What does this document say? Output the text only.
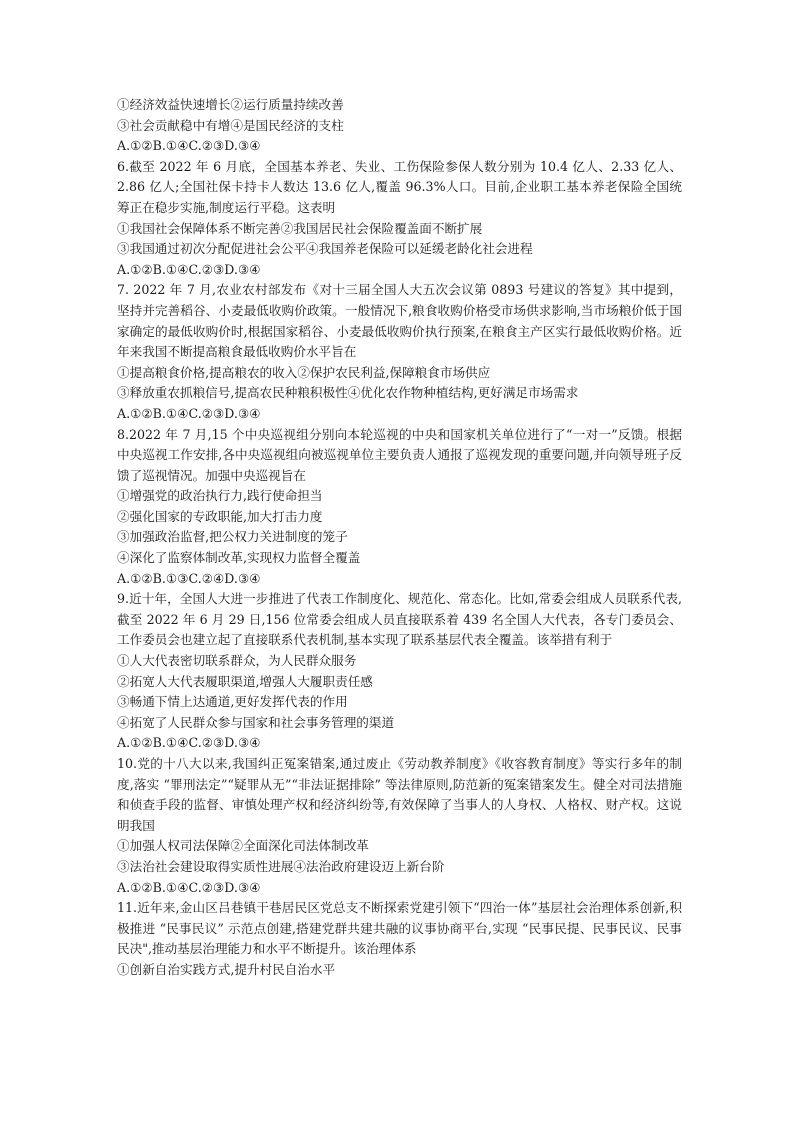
①经济效益快速增长②运行质量持续改善
③社会贡献稳中有增④是国民经济的支柱
A.①②B.①④C.②③D.③④
6.截至 2022 年 6 月底，全国基本养老、失业、工伤保险参保人数分别为 10.4 亿人、2.33 亿人、2.86 亿人;全国社保卡持卡人数达 13.6 亿人,覆盖 96.3%人口。目前,企业职工基本养老保险全国统筹正在稳步实施,制度运行平稳。这表明
①我国社会保障体系不断完善②我国居民社会保险覆盖面不断扩展
③我国通过初次分配促进社会公平④我国养老保险可以延缓老龄化社会进程
A.①②B.①④C.②③D.③④
7. 2022 年 7 月,农业农村部发布《对十三届全国人大五次会议第 0893 号建议的答复》其中提到，坚持并完善稻谷、小麦最低收购价政策。一般情况下,粮食收购价格受市场供求影响,当市场粮价低于国家确定的最低收购价时,根据国家稻谷、小麦最低收购价执行预案,在粮食主产区实行最低收购价格。近年来我国不断提高粮食最低收购价水平旨在
①提高粮食价格,提高粮农的收入②保护农民利益,保障粮食市场供应
③释放重农抓粮信号,提高农民种粮积极性④优化农作物种植结构,更好满足市场需求
A.①②B.①④C.②③D.③④
8.2022 年 7 月,15 个中央巡视组分别向本轮巡视的中央和国家机关单位进行了“一对一”反馈。根据中央巡视工作安排,各中央巡视组向被巡视单位主要负责人通报了巡视发现的重要问题,并向领导班子反馈了巡视情况。加强中央巡视旨在
①增强党的政治执行力,践行使命担当
②强化国家的专政职能,加大打击力度
③加强政治监督,把公权力关进制度的笼子
④深化了监察体制改革,实现权力监督全覆盖
A.①②B.①③C.②④D.③④
9.近十年，全国人大进一步推进了代表工作制度化、规范化、常态化。比如,常委会组成人员联系代表,截至 2022 年 6 月 29 日,156 位常委会组成人员直接联系着 439 名全国人大代表，各专门委员会、工作委员会也建立起了直接联系代表机制,基本实现了联系基层代表全覆盖。该举措有利于
①人大代表密切联系群众，为人民群众服务
②拓宽人大代表履职渠道,增强人大履职责任感
③畅通下情上达通道,更好发挥代表的作用
④拓宽了人民群众参与国家和社会事务管理的渠道
A.①②B.①④C.②③D.③④
10.党的十八大以来,我国纠正冤案错案,通过废止《劳动教养制度》《收容教育制度》等实行多年的制度,落实 “罪刑法定”“疑罪从无”“非法证据排除” 等法律原则,防范新的冤案错案发生。健全对司法措施和侦查手段的监督、审慎处理产权和经济纠纷等,有效保障了当事人的人身权、人格权、财产权。这说明我国
①加强人权司法保障②全面深化司法体制改革
③法治社会建设取得实质性进展④法治政府建设迈上新台阶
A.①②B.①④C.②③D.③④
11.近年来,金山区吕巷镇干巷居民区党总支不断探索党建引领下“四治一体”基层社会治理体系创新,积极推进 “民事民议” 示范点创建,搭建党群共建共融的议事协商平台,实现 “民事民提、民事民议、民事民决",推动基层治理能力和水平不断提升。该治理体系
①创新自治实践方式,提升村民自治水平
